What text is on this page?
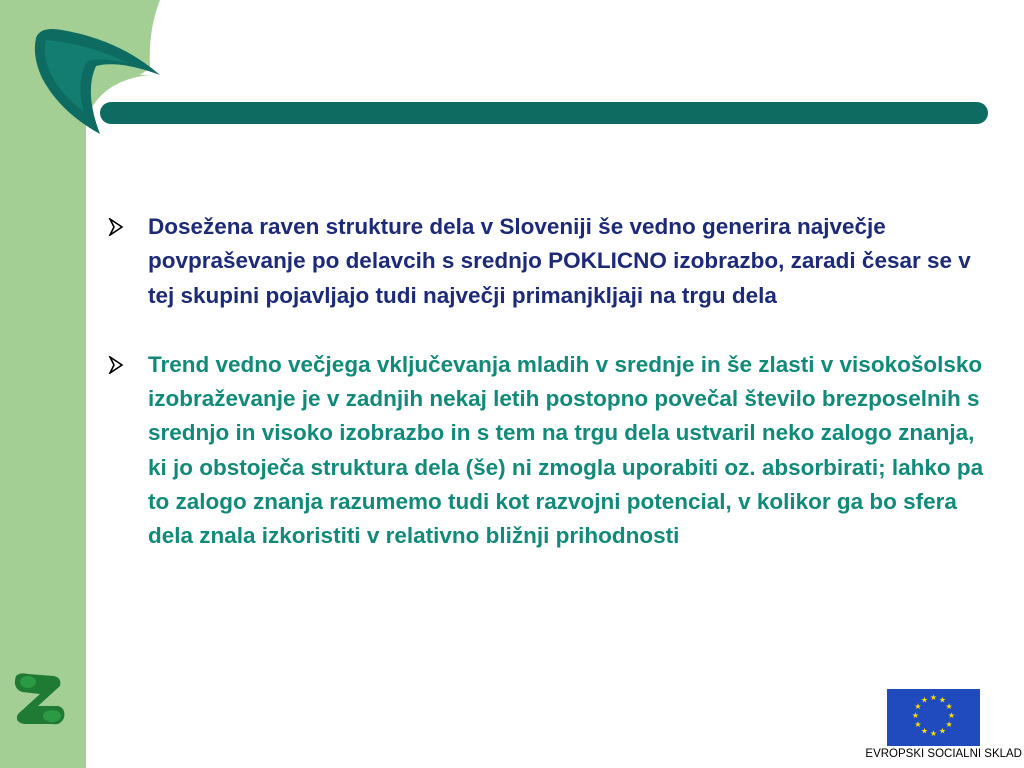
Doseženа raven strukture dela v Sloveniji še vedno generira največje povpraševanje po delavcih s srednjo POKLICNO izobrazbo, zaradi česar se v tej skupini pojavljajo tudi največji primanjkljaji na trgu dela
Trend vedno večjega vključevanja mladih v srednje in še zlasti v visokošolsko izobraževanje je v zadnjih nekaj letih postopno povečal število brezposelnih s srednjo in visoko izobrazbo in s tem na trgu dela ustvaril neko zalogo znanja, ki jo obstoječa struktura dela (še) ni zmogla uporabiti oz. absorbirati; lahko pa to zalogo znanja razumemo tudi kot razvojni potencial, v kolikor ga bo sfera dela znala izkoristiti v relativno bližnji prihodnosti
★ ★
★
★
★
★
★
★
★
★
★
★
EVROPSKI SOCIALNI SKLAD
